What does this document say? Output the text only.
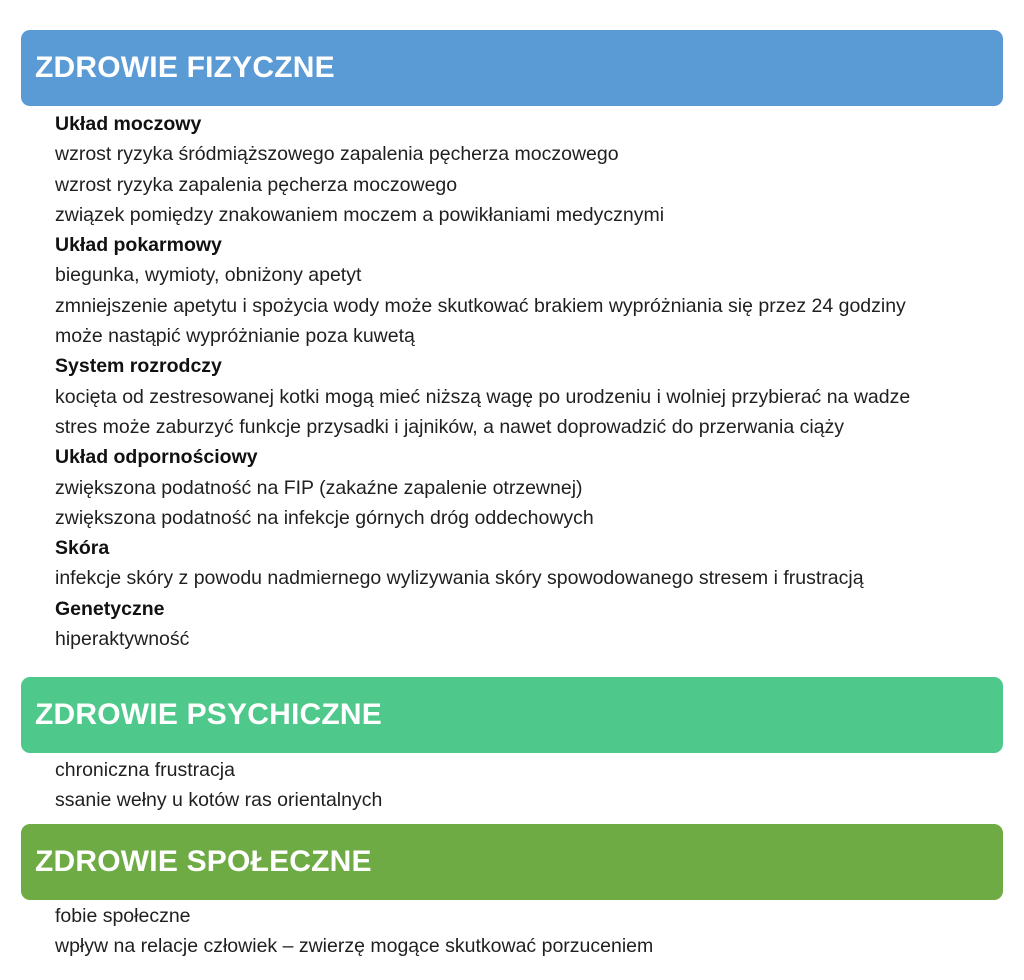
ZDROWIE FIZYCZNE
Układ moczowy
wzrost ryzyka śródmiąższowego zapalenia pęcherza moczowego
wzrost ryzyka zapalenia pęcherza moczowego
związek pomiędzy znakowaniem moczem a powikłaniami medycznymi
Układ pokarmowy
biegunka, wymioty, obniżony apetyt
zmniejszenie apetytu i spożycia wody może skutkować brakiem wypróżniania się przez 24 godziny
może nastąpić wypróżnianie poza kuwetą
System rozrodczy
kocięta od zestresowanej kotki mogą mieć niższą wagę po urodzeniu i wolniej przybierać na wadze
stres może zaburzyć funkcje przysadki i jajników, a nawet doprowadzić do przerwania ciąży
Układ odpornościowy
zwiększona podatność na FIP (zakaźne zapalenie otrzewnej)
zwiększona podatność na infekcje górnych dróg oddechowych
Skóra
infekcje skóry z powodu nadmiernego wylizywania skóry spowodowanego stresem i frustracją
Genetyczne
hiperaktywność
ZDROWIE PSYCHICZNE
chroniczna frustracja
ssanie wełny u kotów ras orientalnych
ZDROWIE SPOŁECZNE
fobie społeczne
wpływ na relacje człowiek – zwierzę mogące skutkować porzuceniem
